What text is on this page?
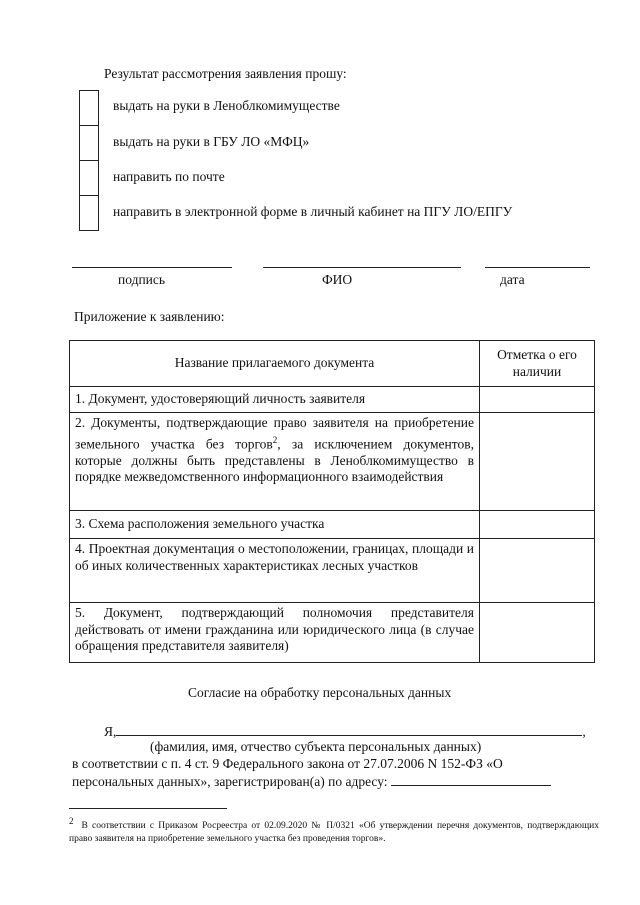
Результат рассмотрения заявления прошу:
выдать на руки в Леноблкомимуществе
выдать на руки в ГБУ ЛО «МФЦ»
направить по почте
направить в электронной форме в личный кабинет на ПГУ ЛО/ЕПГУ
подпись	ФИО	дата
Приложение к заявлению:
Название прилагаемого документа	Отметка о его наличии
1. Документ, удостоверяющий личность заявителя	
2. Документы, подтверждающие право заявителя на приобретение земельного участка без торгов$^2$, за исключением документов, которые должны быть представлены в Леноблкомимущество в порядке межведомственного информационного взаимодействия	
3. Схема расположения земельного участка	
4. Проектная документация о местоположении, границах, площади и об иных количественных характеристиках лесных участков	
5. Документ, подтверждающий полномочия представителя действовать от имени гражданина или юридического лица (в случае обращения представителя заявителя)	
Согласие на обработку персональных данных
Я,	,
(фамилия, имя, отчество субъекта персональных данных)
в соответствии с п. 4 ст. 9 Федерального закона от 27.07.2006 N 152-ФЗ «О
персональных данных», зарегистрирован(а) по адресу:
$^2$В соответствии с Приказом Росреестра от 02.09.2020 № П/0321 «Об утверждении перечня документов, подтверждающих право заявителя на приобретение земельного участка без проведения торгов».
